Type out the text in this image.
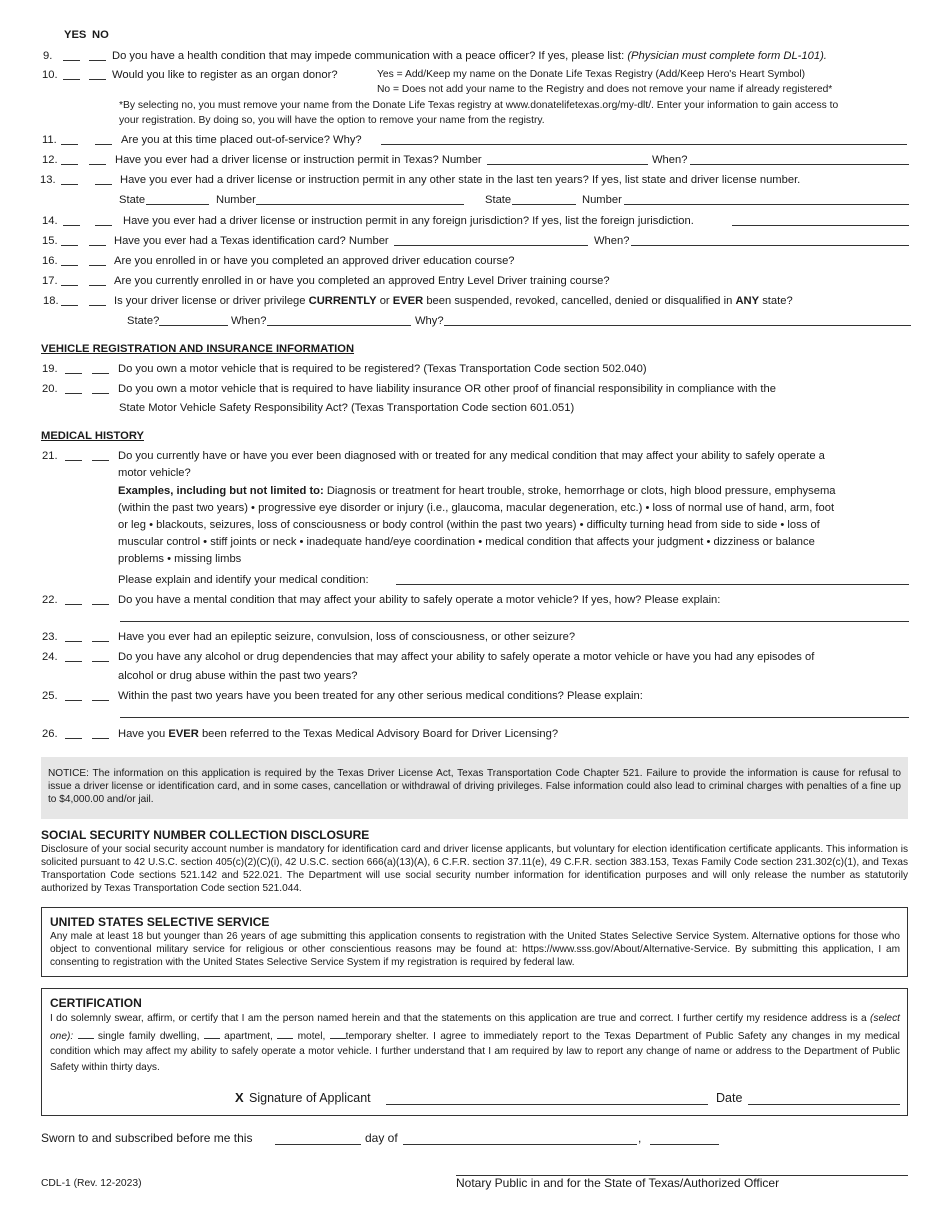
YES NO
9.	Do you have a health condition that may impede communication with a peace officer? If yes, please list: (Physician must complete form DL-101).
10.	Would you like to register as an organ donor?	Yes = Add/Keep my name on the Donate Life Texas Registry (Add/Keep Hero's Heart Symbol)
No = Does not add your name to the Registry and does not remove your name if already registered*
*By selecting no, you must remove your name from the Donate Life Texas registry at www.donatelifetexas.org/my-dlt/. Enter your information to gain access to
your registration. By doing so, you will have the option to remove your name from the registry.
11.	Are you at this time placed out-of-service? Why?
12.	Have you ever had a driver license or instruction permit in Texas? Number	When?
13.	Have you ever had a driver license or instruction permit in any other state in the last ten years? If yes, list state and driver license number.
State	Number	State	Number
14.	Have you ever had a driver license or instruction permit in any foreign jurisdiction? If yes, list the foreign jurisdiction.
15.	Have you ever had a Texas identification card? Number	When?
16.	Are you enrolled in or have you completed an approved driver education course?
17.	Are you currently enrolled in or have you completed an approved Entry Level Driver training course?
18.	Is your driver license or driver privilege CURRENTLY or EVER been suspended, revoked, cancelled, denied or disqualified in ANY state?
State?	When?	Why?
VEHICLE REGISTRATION AND INSURANCE INFORMATION
19.	Do you own a motor vehicle that is required to be registered? (Texas Transportation Code section 502.040)
20.	Do you own a motor vehicle that is required to have liability insurance OR other proof of financial responsibility in compliance with the
State Motor Vehicle Safety Responsibility Act? (Texas Transportation Code section 601.051)
MEDICAL HISTORY
21.	Do you currently have or have you ever been diagnosed with or treated for any medical condition that may affect your ability to safely operate a
motor vehicle?
Examples, including but not limited to: Diagnosis or treatment for heart trouble, stroke, hemorrhage or clots, high blood pressure, emphysema
(within the past two years) • progressive eye disorder or injury (i.e., glaucoma, macular degeneration, etc.) • loss of normal use of hand, arm, foot
or leg • blackouts, seizures, loss of consciousness or body control (within the past two years) • difficulty turning head from side to side • loss of
muscular control • stiff joints or neck • inadequate hand/eye coordination • medical condition that affects your judgment • dizziness or balance
problems • missing limbs
Please explain and identify your medical condition:
22.	Do you have a mental condition that may affect your ability to safely operate a motor vehicle? If yes, how? Please explain:
23.	Have you ever had an epileptic seizure, convulsion, loss of consciousness, or other seizure?
24.	Do you have any alcohol or drug dependencies that may affect your ability to safely operate a motor vehicle or have you had any episodes of
alcohol or drug abuse within the past two years?
25.	Within the past two years have you been treated for any other serious medical conditions? Please explain:
26.	Have you EVER been referred to the Texas Medical Advisory Board for Driver Licensing?

NOTICE: The information on this application is required by the Texas Driver License Act, Texas Transportation Code Chapter 521. Failure to provide the information is cause for refusal to issue a driver license or identification card, and in some cases, cancellation or withdrawal of driving privileges. False information could also lead to criminal charges with penalties of a fine up to $4,000.00 and/or jail.

SOCIAL SECURITY NUMBER COLLECTION DISCLOSURE

Disclosure of your social security account number is mandatory for identification card and driver license applicants, but voluntary for election identification certificate applicants. This information is solicited pursuant to 42 U.S.C. section 405(c)(2)(C)(i), 42 U.S.C. section 666(a)(13)(A), 6 C.F.R. section 37.11(e), 49 C.F.R. section 383.153, Texas Family Code section 231.302(c)(1), and Texas Transportation Code sections 521.142 and 522.021. The Department will use social security number information for identification purposes and will only release the number as statutorily authorized by Texas Transportation Code section 521.044.

UNITED STATES SELECTIVE SERVICE

Any male at least 18 but younger than 26 years of age submitting this application consents to registration with the United States Selective Service System. Alternative options for those who object to conventional military service for religious or other conscientious reasons may be found at: https://www.sss.gov/About/Alternative-Service. By submitting this application, I am consenting to registration with the United States Selective Service System if my registration is required by federal law.

CERTIFICATION

I do solemnly swear, affirm, or certify that I am the person named herein and that the statements on this application are true and correct. I further certify my residence address is a (select one): single family dwelling, apartment, motel, temporary shelter. I agree to immediately report to the Texas Department of Public Safety any changes in my medical condition which may affect my ability to safely operate a motor vehicle. I further understand that I am required by law to report any change of name or address to the Department of Public Safety within thirty days.

X Signature of Applicant	Date
Sworn to and subscribed before me this	day of	,
CDL-1 (Rev. 12-2023)	Notary Public in and for the State of Texas/Authorized Officer
